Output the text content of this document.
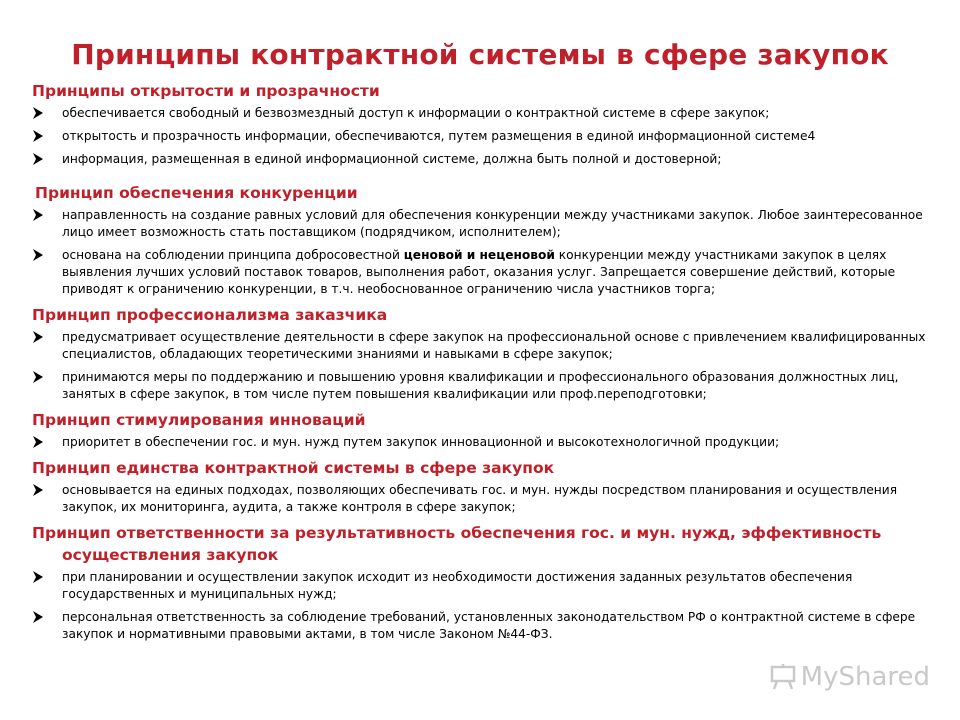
Принципы контрактной системы в сфере закупок
Принципы открытости и прозрачности
обеспечивается свободный и безвозмездный доступ к информации о контрактной системе в сфере закупок;
открытость и прозрачность информации, обеспечиваются, путем размещения в единой информационной системе4
информация, размещенная в единой информационной системе, должна быть полной и достоверной;
Принцип обеспечения конкуренции
направленность на создание равных условий для обеспечения конкуренции между участниками закупок. Любое заинтересованное лицо имеет возможность стать поставщиком (подрядчиком, исполнителем);
основана на соблюдении принципа добросовестной ценовой и неценовой конкуренции между участниками закупок в целях выявления лучших условий поставок товаров, выполнения работ, оказания услуг. Запрещается совершение действий, которые приводят к ограничению конкуренции, в т.ч. необоснованное ограничению числа участников торга;
Принцип профессионализма заказчика
предусматривает осуществление деятельности в сфере закупок на профессиональной основе с привлечением квалифицированных специалистов, обладающих теоретическими знаниями и навыками в сфере закупок;
принимаются меры по поддержанию и повышению уровня квалификации и профессионального образования должностных лиц, занятых в сфере закупок, в том числе путем повышения квалификации или проф.переподготовки;
Принцип стимулирования инноваций
приоритет в обеспечении гос. и мун. нужд путем закупок инновационной и высокотехнологичной продукции;
Принцип единства контрактной системы в сфере закупок
основывается на единых подходах, позволяющих обеспечивать гос. и мун. нужды посредством планирования и осуществления закупок, их мониторинга, аудита, а также контроля в сфере закупок;
Принцип ответственности за результативность обеспечения гос. и мун. нужд, эффективность
осуществления закупок
при планировании и осуществлении закупок исходит из необходимости достижения заданных результатов обеспечения государственных и муниципальных нужд;
персональная ответственность за соблюдение требований, установленных законодательством РФ о контрактной системе в сфере закупок и нормативными правовыми актами, в том числе Законом №44-ФЗ.
MyShared
